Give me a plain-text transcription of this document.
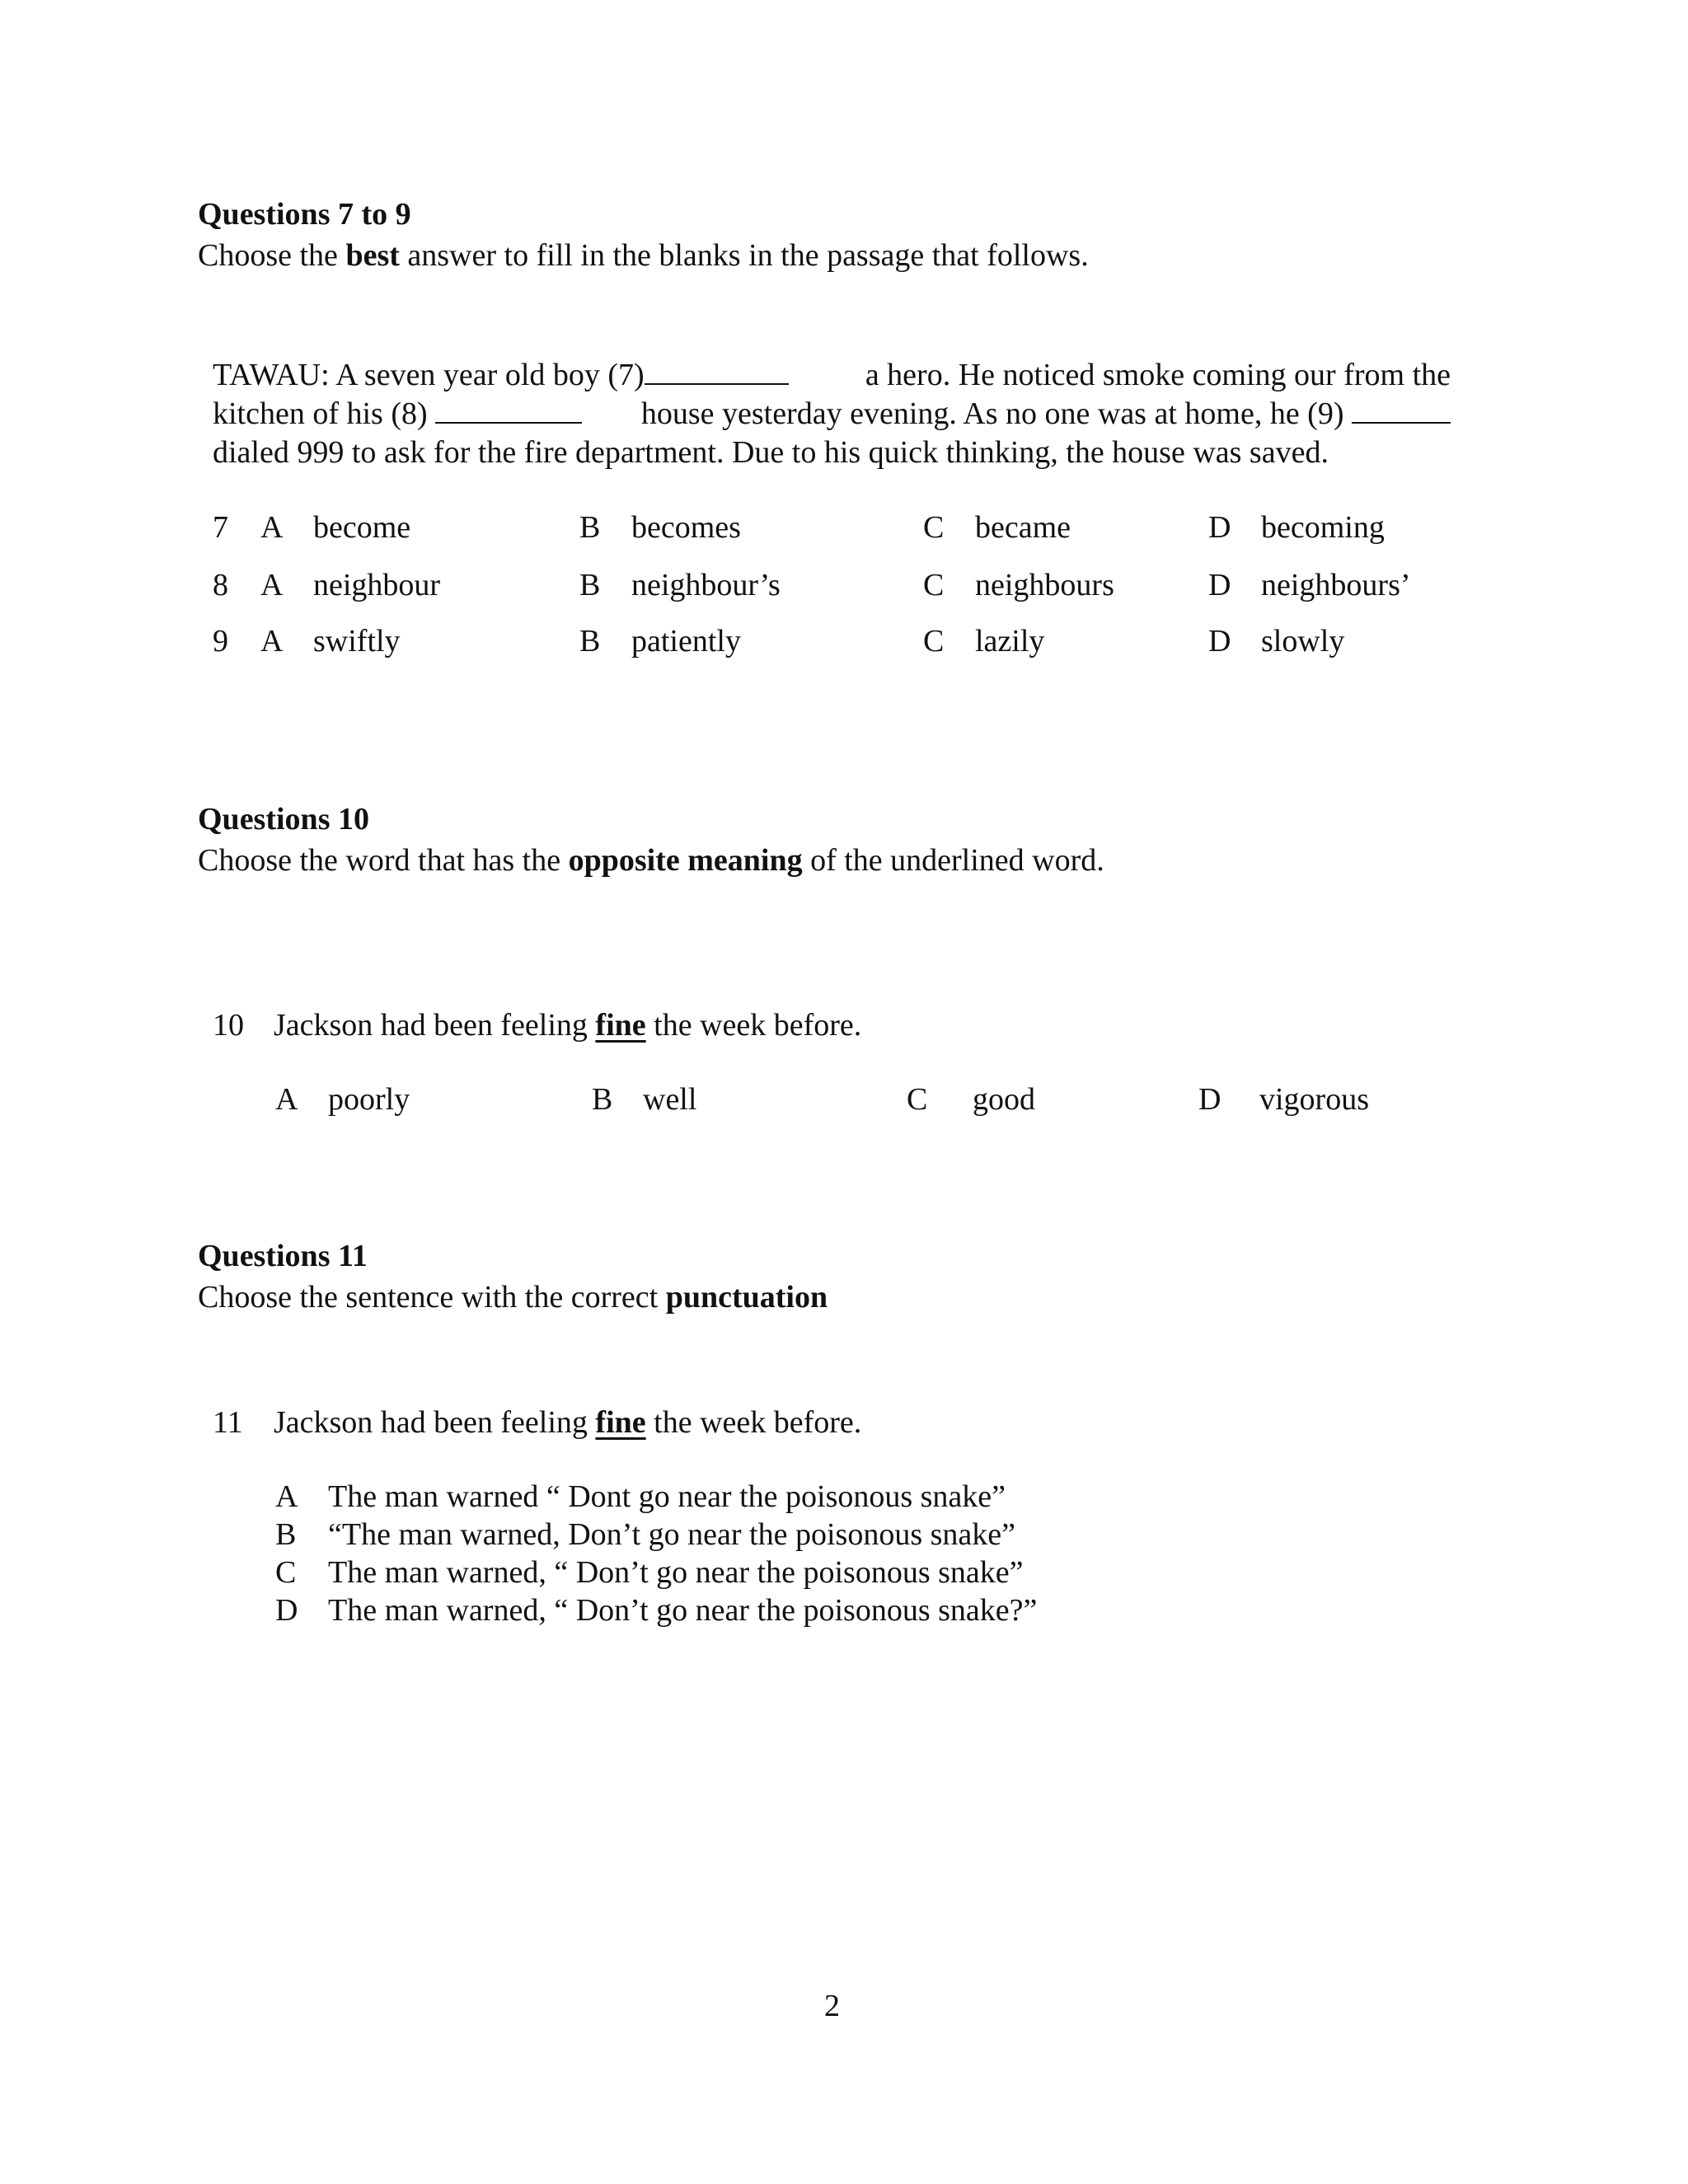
Questions 7 to 9
Choose the best answer to fill in the blanks in the passage that follows.
TAWAU: A seven year old boy (7)	a hero. He noticed smoke coming our from the
kitchen of his (8)	house yesterday evening. As no one was at home, he (9)
dialed 999 to ask for the fire department. Due to his quick thinking, the house was saved.
7 A become	B becomes	C became	D becoming
8 A neighbour	B neighbour’s	C neighbours	D neighbours’
9 A swiftly	B patiently	C lazily	D slowly
Questions 10
Choose the word that has the opposite meaning of the underlined word.
10 Jackson had been feeling fine the week before.
A poorly	B well	C good	D vigorous
Questions 11
Choose the sentence with the correct punctuation
11 Jackson had been feeling fine the week before.
A The man warned “ Dont go near the poisonous snake”
B “The man warned, Don’t go near the poisonous snake”
C The man warned, “ Don’t go near the poisonous snake”
D The man warned, “ Don’t go near the poisonous snake?”
2
